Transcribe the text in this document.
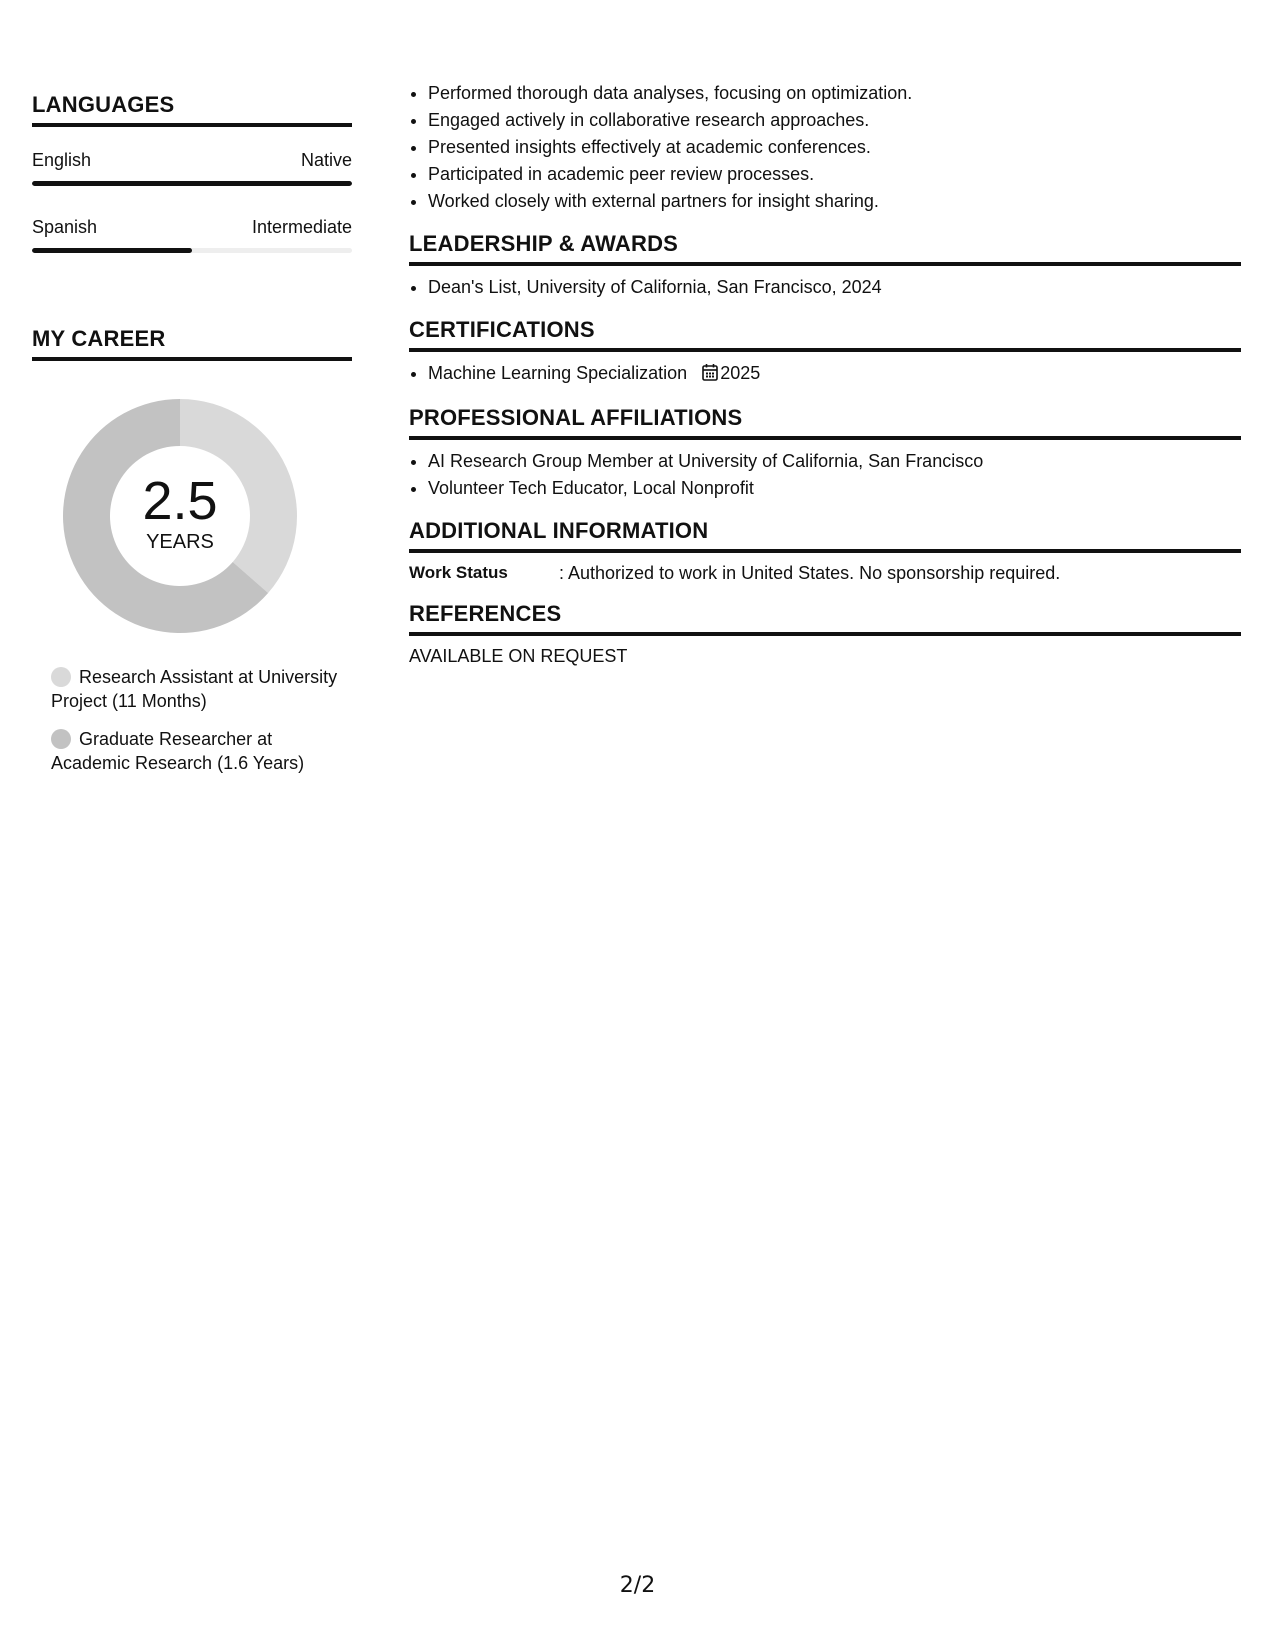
LANGUAGES
English	Native
Spanish	Intermediate
MY CAREER
2.5
YEARS
Research Assistant at University Project (11 Months)
Graduate Researcher at Academic Research (1.6 Years)
• Performed thorough data analyses, focusing on optimization.
• Engaged actively in collaborative research approaches.
• Presented insights effectively at academic conferences.
• Participated in academic peer review processes.
• Worked closely with external partners for insight sharing.
LEADERSHIP & AWARDS
• Dean's List, University of California, San Francisco, 2024
CERTIFICATIONS
• Machine Learning Specialization 2025
PROFESSIONAL AFFILIATIONS
• AI Research Group Member at University of California, San Francisco
• Volunteer Tech Educator, Local Nonprofit
ADDITIONAL INFORMATION
Work Status	: Authorized to work in United States. No sponsorship required.
REFERENCES
AVAILABLE ON REQUEST
2/2
